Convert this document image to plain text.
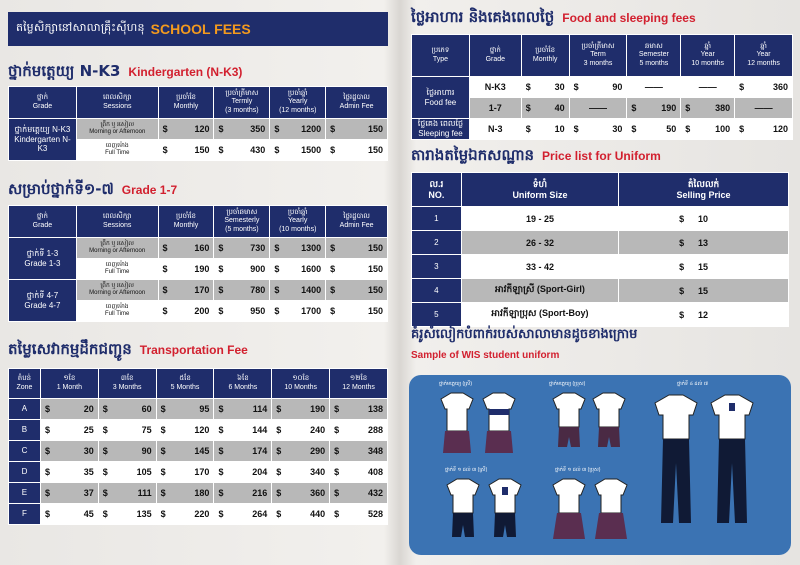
តម្លៃសិក្សានៅសាលាគ្រុឹះស៊ីហនុ SCHOOL FEES
ថ្នាក់មត្តេយ្យ N-K3 Kindergarten (N-K3)
ថ្នាក់
Grade	ពេលសិក្សា
Sessions	ប្រចាំខែ
Monthly	ប្រចាំត្រីមាស
Termly
(3 months)	ប្រចាំឆ្នាំ
Yearly
(12 months)	ថ្លៃរដ្ឋបាល
Admin Fee
ថ្នាក់មត្តេយ្យ N-K3
Kindergarten N-K3	ព្រឹក ឬ រសៀល
Morning or Afternoon	$ 120	$ 350	$ 1200	$ 150

	ពេញម៉ោង
Full Time	$ 150	$ 430	$ 1500	$ 150
សម្រាប់ថ្នាក់ទី១-៧ Grade 1-7
ថ្នាក់
Grade	ពេលសិក្សា
Sessions	ប្រចាំខែ
Monthly	ប្រចាំឆមាស
Semesterly
(5 months)	ប្រចាំឆ្នាំ
Yearly
(10 months)	ថ្លៃរដ្ឋបាល
Admin Fee
ថ្នាក់ទី 1-3
Grade 1-3	ព្រឹក ឬ រសៀល
Morning or Afternoon	$ 160	$ 730	$ 1300	$ 150

	ពេញម៉ោង
Full Time	$ 190	$ 900	$ 1600	$ 150

ថ្នាក់ទី 4-7
Grade 4-7	ព្រឹក ឬ រសៀល
Morning or Afternoon	$ 170	$ 780	$ 1400	$ 150

	ពេញម៉ោង
Full Time	$ 200	$ 950	$ 1700	$ 150
តម្លៃសេវាកម្មដឹកជញ្ជូន Transportation Fee
តំបន់
Zone	១ខែ
1 Month	៣ខែ
3 Months	៥ខែ
5 Months	៦ខែ
6 Months	១០ខែ
10 Months	១២ខែ
12 Months
A	$ 20	$ 60	$ 95	$ 114	$ 190	$ 138

B	$ 25	$ 75	$ 120	$ 144	$ 240	$ 288

C	$ 30	$ 90	$ 145	$ 174	$ 290	$ 348

D	$ 35	$ 105	$ 170	$ 204	$ 340	$ 408

E	$ 37	$ 111	$ 180	$ 216	$ 360	$ 432

F	$ 45	$ 135	$ 220	$ 264	$ 440	$ 528
ថ្លៃអាហារ និងគេងពេលថ្ងៃ Food and sleeping fees
ប្រភេទ
Type	ថ្នាក់
Grade	ប្រចាំខែ
Monthly	ប្រចាំត្រីមាស
Term
3 months	ឆមាស
Semester
5 months	ឆ្នាំ
Year
10 months	ឆ្នាំ
Year
12 months
ថ្លៃអាហារ
Food fee	N-K3	$ 30	$ 90	——	——	$ 360

	1-7	$ 40	——	$ 190	$ 380	——
ថ្លៃគេង ពេលថ្ងៃ
Sleeping fee	N-3	$ 10	$ 30	$ 50	$ 100	$ 120
តារាងតម្លៃឯកសណ្ឋាន Price list for Uniform
ល.រ
NO.	ទំហំ
Uniform Size	តំលៃលក់
Selling Price
1	19 - 25	$ 10

2	26 - 32	$ 13

3	33 - 42	$ 15

4	អាវកីឡាស្រី (Sport-Girl)	$ 15

5	អាវកីឡាប្រុស (Sport-Boy)	$ 12
គំរូសំលៀកបំពាក់របស់សាលាមានដូចខាងក្រោម
Sample of WIS student uniform
ថ្នាក់មត្តេយ្យ (ស្រី)	ថ្នាក់មត្តេយ្យ (ប្រុស)	ថ្នាក់ទី ៤ ដល់ ៧
ថ្នាក់ទី ១ ដល់ ៣ (ស្រី)	ថ្នាក់ទី ១ ដល់ ៣ (ប្រុស)
